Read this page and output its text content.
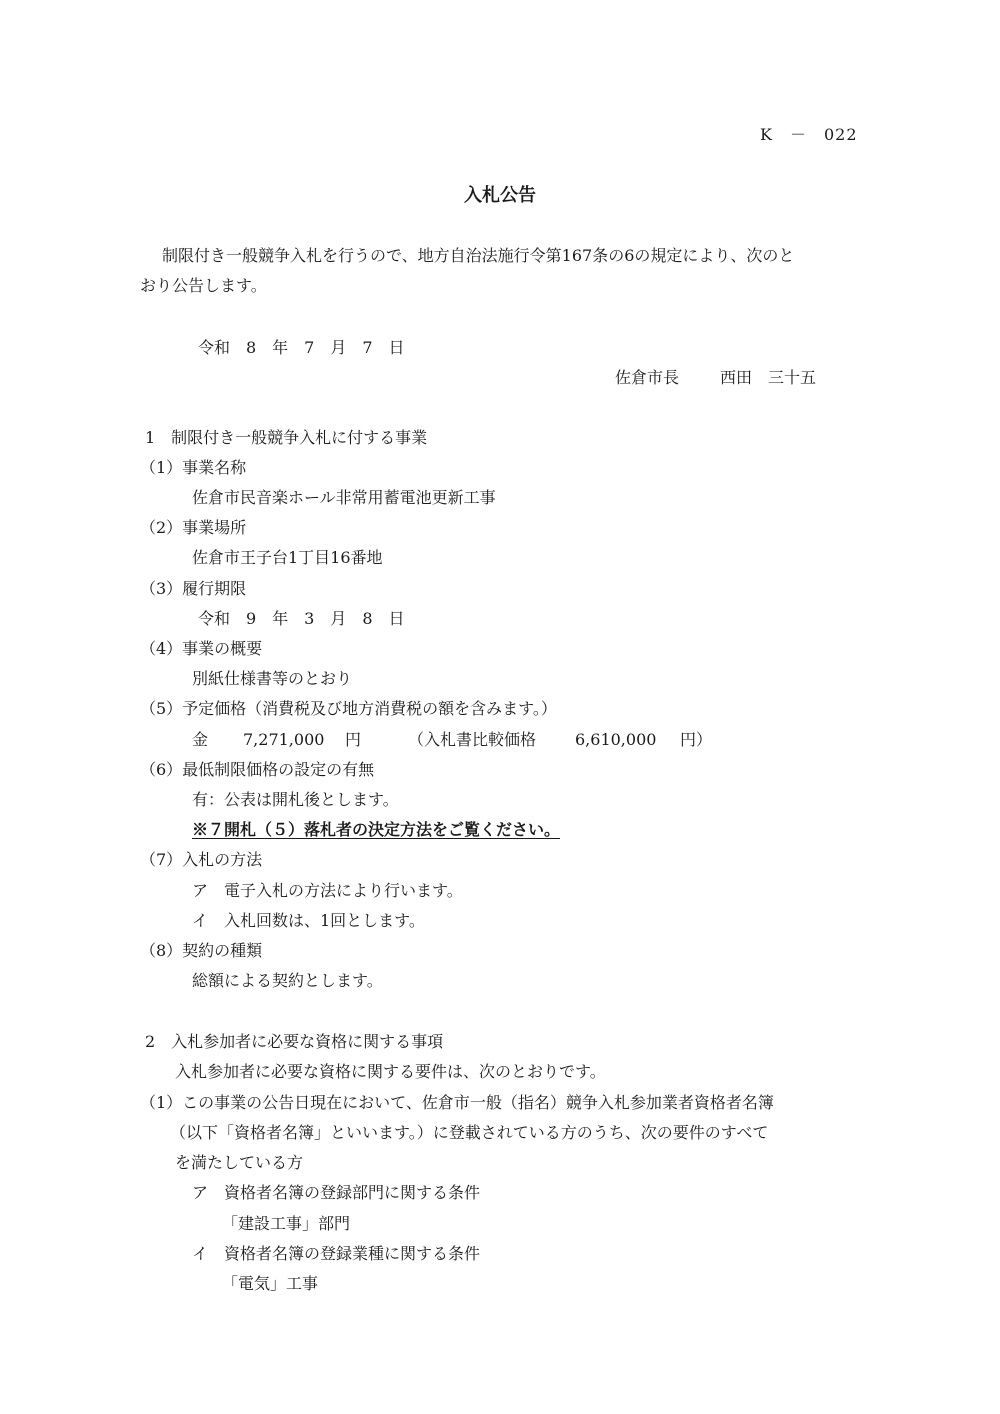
K　－　022
入札公告
制限付き一般競争入札を行うので、地方自治法施行令第167条の6の規定により、次のと
おり公告します。
令和　8　年　7　月　7　日
佐倉市長	西田　三十五
1　制限付き一般競争入札に付する事業
（1）事業名称
佐倉市民音楽ホール非常用蓄電池更新工事
（2）事業場所
佐倉市王子台1丁目16番地
（3）履行期限
令和　9　年　3　月　8　日
（4）事業の概要
別紙仕様書等のとおり
（5）予定価格（消費税及び地方消費税の額を含みます。）
金 7,271,000 円	（入札書比較価格 6,610,000 円）
（6）最低制限価格の設定の有無
有：公表は開札後とします。
※７開札（５）落札者の決定方法をご覧ください。
（7）入札の方法
ア　電子入札の方法により行います。
イ　入札回数は、1回とします。
（8）契約の種類
総額による契約とします。
2　入札参加者に必要な資格に関する事項
入札参加者に必要な資格に関する要件は、次のとおりです。
（1）この事業の公告日現在において、佐倉市一般（指名）競争入札参加業者資格者名簿
（以下「資格者名簿」といいます。）に登載されている方のうち、次の要件のすべて
を満たしている方
ア　資格者名簿の登録部門に関する条件
「建設工事」部門
イ　資格者名簿の登録業種に関する条件
「電気」工事
